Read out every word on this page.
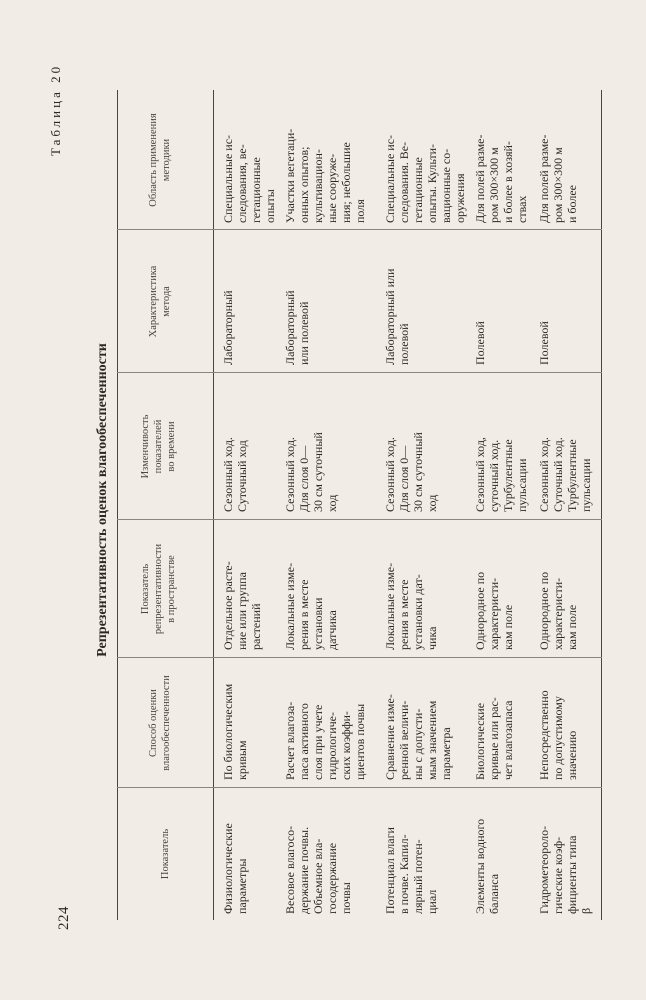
224
Таблица 20
Репрезентативность оценок влагообеспеченности
Показатель
Способ оценки
влагообеспеченности
Показатель
репрезентативности
в пространстве
Изменчивость
показателей
во времени
Характеристика
метода
Область применения
методики
Физиологические
параметры
По биологическим
кривым
Отдельное расте-
ние или группа
растений
Сезонный ход.
Суточный ход
Лабораторный
Специальные ис-
следования, ве-
гетационные
опыты
Весовое влагосо-
держание почвы.
Объемное вла-
госодержание
почвы
Расчет влагоза-
паса активного
слоя при учете
гидрологиче-
ских коэффи-
циентов почвы
Локальные изме-
рения в месте
установки
датчика
Сезонный ход.
Для слоя 0—
30 см суточный
ход
Лабораторный
или полевой
Участки вегетаци-
онных опытов;
культивацион-
ные сооруже-
ния; небольшие
поля
Потенциал влаги
в почве. Капил-
лярный потен-
циал
Сравнение изме-
ренной величи-
ны с допусти-
мым значением
параметра
Локальные изме-
рения в месте
установки дат-
чика
Сезонный ход.
Для слоя 0—
30 см суточный
ход
Лабораторный или
полевой
Специальные ис-
следования. Ве-
гетационные
опыты. Культи-
вационные со-
оружения
Элементы водного
баланса
Биологические
кривые или рас-
чет влагозапаса
Однородное по
характеристи-
кам поле
Сезонный ход,
суточный ход.
Турбулентные
пульсации
Полевой
Для полей разме-
ром 300×300 м
и более в хозяй-
ствах
Гидрометеороло-
гические коэф-
фициенты типа
β
Непосредственно
по допустимому
значению
Однородное по
характеристи-
кам поле
Сезонный ход.
Суточный ход.
Турбулентные
пульсации
Полевой
Для полей разме-
ром 300×300 м
и более
